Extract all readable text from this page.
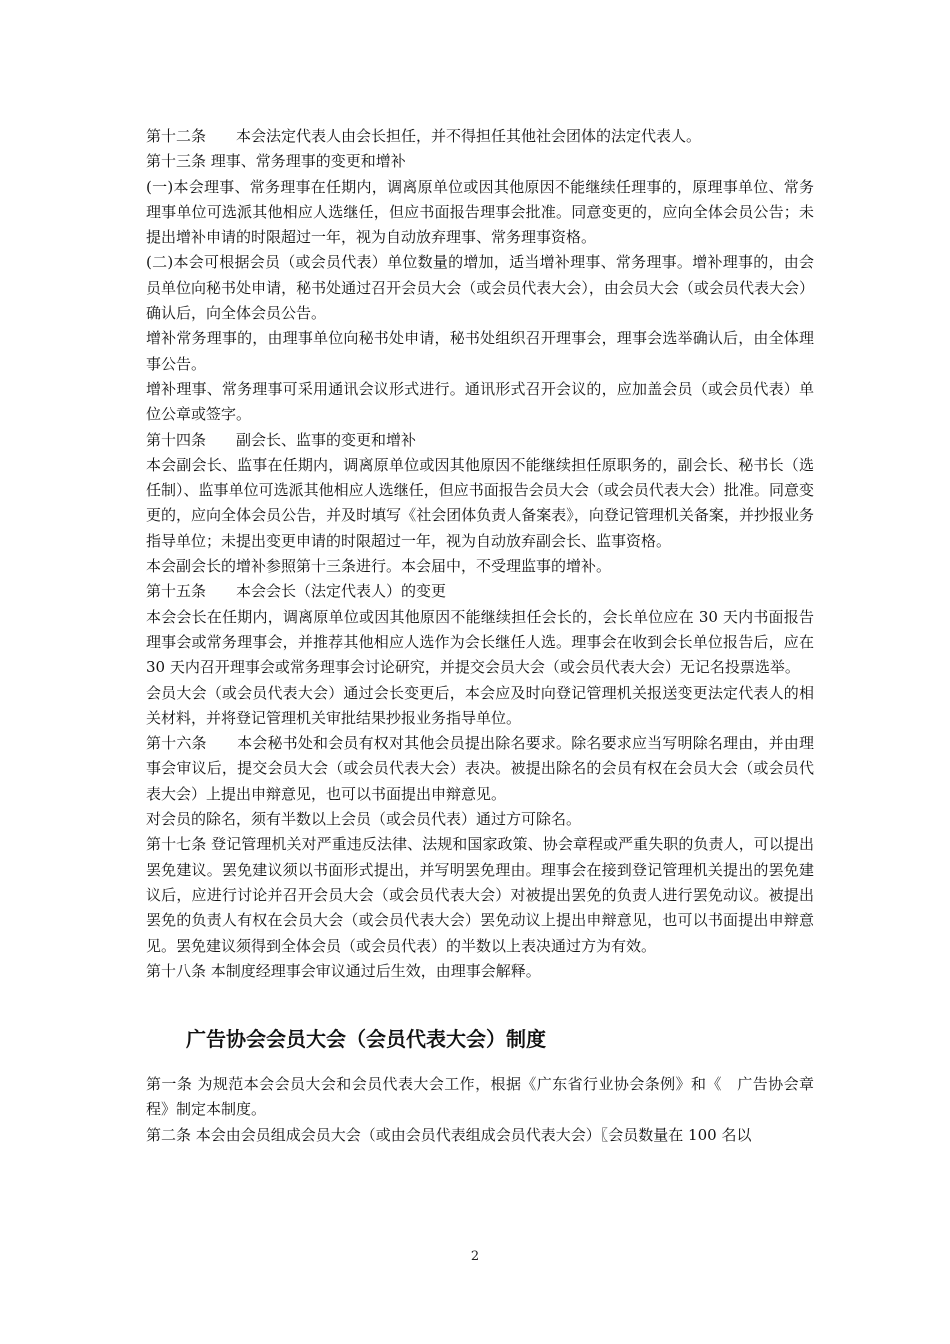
第十二条　　本会法定代表人由会长担任，并不得担任其他社会团体的法定代表人。

第十三条 理事、常务理事的变更和增补

(一)本会理事、常务理事在任期内，调离原单位或因其他原因不能继续任理事的，原理事单位、常务理事单位可选派其他相应人选继任，但应书面报告理事会批准。同意变更的，应向全体会员公告；未提出增补申请的时限超过一年，视为自动放弃理事、常务理事资格。

(二)本会可根据会员（或会员代表）单位数量的增加，适当增补理事、常务理事。增补理事的，由会员单位向秘书处申请，秘书处通过召开会员大会（或会员代表大会），由会员大会（或会员代表大会）确认后，向全体会员公告。

增补常务理事的，由理事单位向秘书处申请，秘书处组织召开理事会，理事会选举确认后，由全体理事公告。

增补理事、常务理事可采用通讯会议形式进行。通讯形式召开会议的，应加盖会员（或会员代表）单位公章或签字。

第十四条　　副会长、监事的变更和增补

本会副会长、监事在任期内，调离原单位或因其他原因不能继续担任原职务的，副会长、秘书长（选任制）、监事单位可选派其他相应人选继任，但应书面报告会员大会（或会员代表大会）批准。同意变更的，应向全体会员公告，并及时填写《社会团体负责人备案表》，向登记管理机关备案，并抄报业务指导单位；未提出变更申请的时限超过一年，视为自动放弃副会长、监事资格。

本会副会长的增补参照第十三条进行。本会届中，不受理监事的增补。

第十五条　　本会会长（法定代表人）的变更

本会会长在任期内，调离原单位或因其他原因不能继续担任会长的，会长单位应在 30 天内书面报告理事会或常务理事会，并推荐其他相应人选作为会长继任人选。理事会在收到会长单位报告后，应在 30 天内召开理事会或常务理事会讨论研究，并提交会员大会（或会员代表大会）无记名投票选举。

会员大会（或会员代表大会）通过会长变更后，本会应及时向登记管理机关报送变更法定代表人的相关材料，并将登记管理机关审批结果抄报业务指导单位。

第十六条　　本会秘书处和会员有权对其他会员提出除名要求。除名要求应当写明除名理由，并由理事会审议后，提交会员大会（或会员代表大会）表决。被提出除名的会员有权在会员大会（或会员代表大会）上提出申辩意见，也可以书面提出申辩意见。

对会员的除名，须有半数以上会员（或会员代表）通过方可除名。

第十七条 登记管理机关对严重违反法律、法规和国家政策、协会章程或严重失职的负责人，可以提出罢免建议。罢免建议须以书面形式提出，并写明罢免理由。理事会在接到登记管理机关提出的罢免建议后，应进行讨论并召开会员大会（或会员代表大会）对被提出罢免的负责人进行罢免动议。被提出罢免的负责人有权在会员大会（或会员代表大会）罢免动议上提出申辩意见，也可以书面提出申辩意见。罢免建议须得到全体会员（或会员代表）的半数以上表决通过方为有效。

第十八条 本制度经理事会审议通过后生效，由理事会解释。

广告协会会员大会（会员代表大会）制度

第一条 为规范本会会员大会和会员代表大会工作，根据《广东省行业协会条例》和《　广告协会章程》制定本制度。

第二条 本会由会员组成会员大会（或由会员代表组成会员代表大会）〖会员数量在 100 名以

2
